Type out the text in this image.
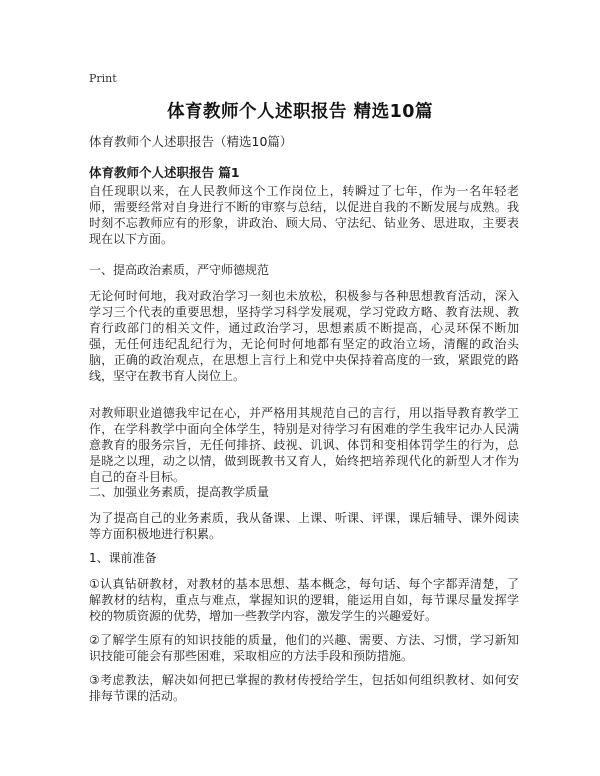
Print
体育教师个人述职报告 精选10篇
体育教师个人述职报告（精选10篇）
体育教师个人述职报告 篇1
自任现职以来，在人民教师这个工作岗位上，转瞬过了七年，作为一名年轻老师，需要经常对自身进行不断的审察与总结，以促进自我的不断发展与成熟。我时刻不忘教师应有的形象，讲政治、顾大局、守法纪、钻业务、思进取，主要表现在以下方面。
一、提高政治素质，严守师德规范
无论何时何地，我对政治学习一刻也未放松，积极参与各种思想教育活动，深入学习三个代表的重要思想，坚持学习科学发展观，学习党政方略、教育法规、教育行政部门的相关文件，通过政治学习，思想素质不断提高，心灵环保不断加强，无任何违纪乱纪行为，无论何时何地都有坚定的政治立场，清醒的政治头脑，正确的政治观点，在思想上言行上和党中央保持着高度的一致，紧跟党的路线，坚守在教书育人岗位上。
对教师职业道德我牢记在心，并严格用其规范自己的言行，用以指导教育教学工作，在学科教学中面向全体学生，特别是对待学习有困难的学生我牢记办人民满意教育的服务宗旨，无任何排挤、歧视、讥讽、体罚和变相体罚学生的行为，总是晓之以理，动之以情，做到既教书又育人，始终把培养现代化的新型人才作为自己的奋斗目标。
二、加强业务素质，提高教学质量
为了提高自己的业务素质，我从备课、上课、听课、评课，课后辅导、课外阅读等方面积极地进行积累。
1、课前准备
①认真钻研教材，对教材的基本思想、基本概念，每句话、每个字都弄清楚，了解教材的结构，重点与难点，掌握知识的逻辑，能运用自如，每节课尽量发挥学校的物质资源的优势，增加一些教学内容，激发学生的兴趣爱好。
②了解学生原有的知识技能的质量，他们的兴趣、需要、方法、习惯，学习新知识技能可能会有那些困难，采取相应的方法手段和预防措施。
③考虑教法，解决如何把已掌握的教材传授给学生，包括如何组织教材、如何安排每节课的活动。
